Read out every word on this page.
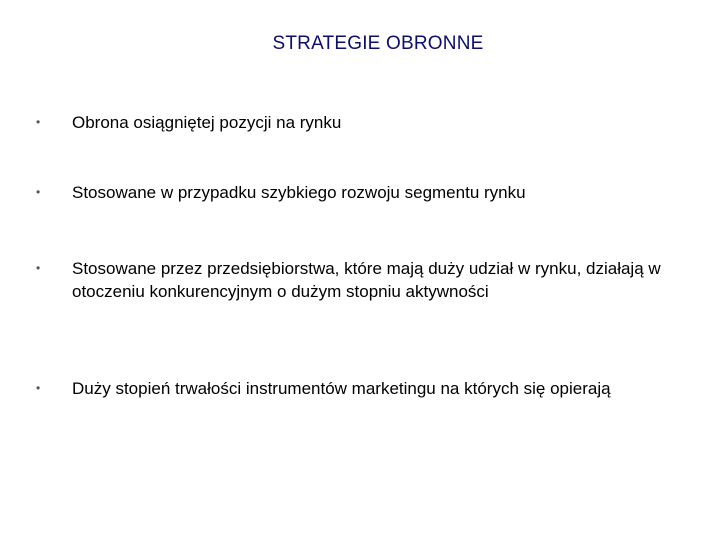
STRATEGIE OBRONNE
• Obrona osiągniętej pozycji na rynku
• Stosowane w przypadku szybkiego rozwoju segmentu rynku
• Stosowane przez przedsiębiorstwa, które mają duży udział w rynku, działają w otoczeniu konkurencyjnym o dużym stopniu aktywności
• Duży stopień trwałości instrumentów marketingu na których się opierają
